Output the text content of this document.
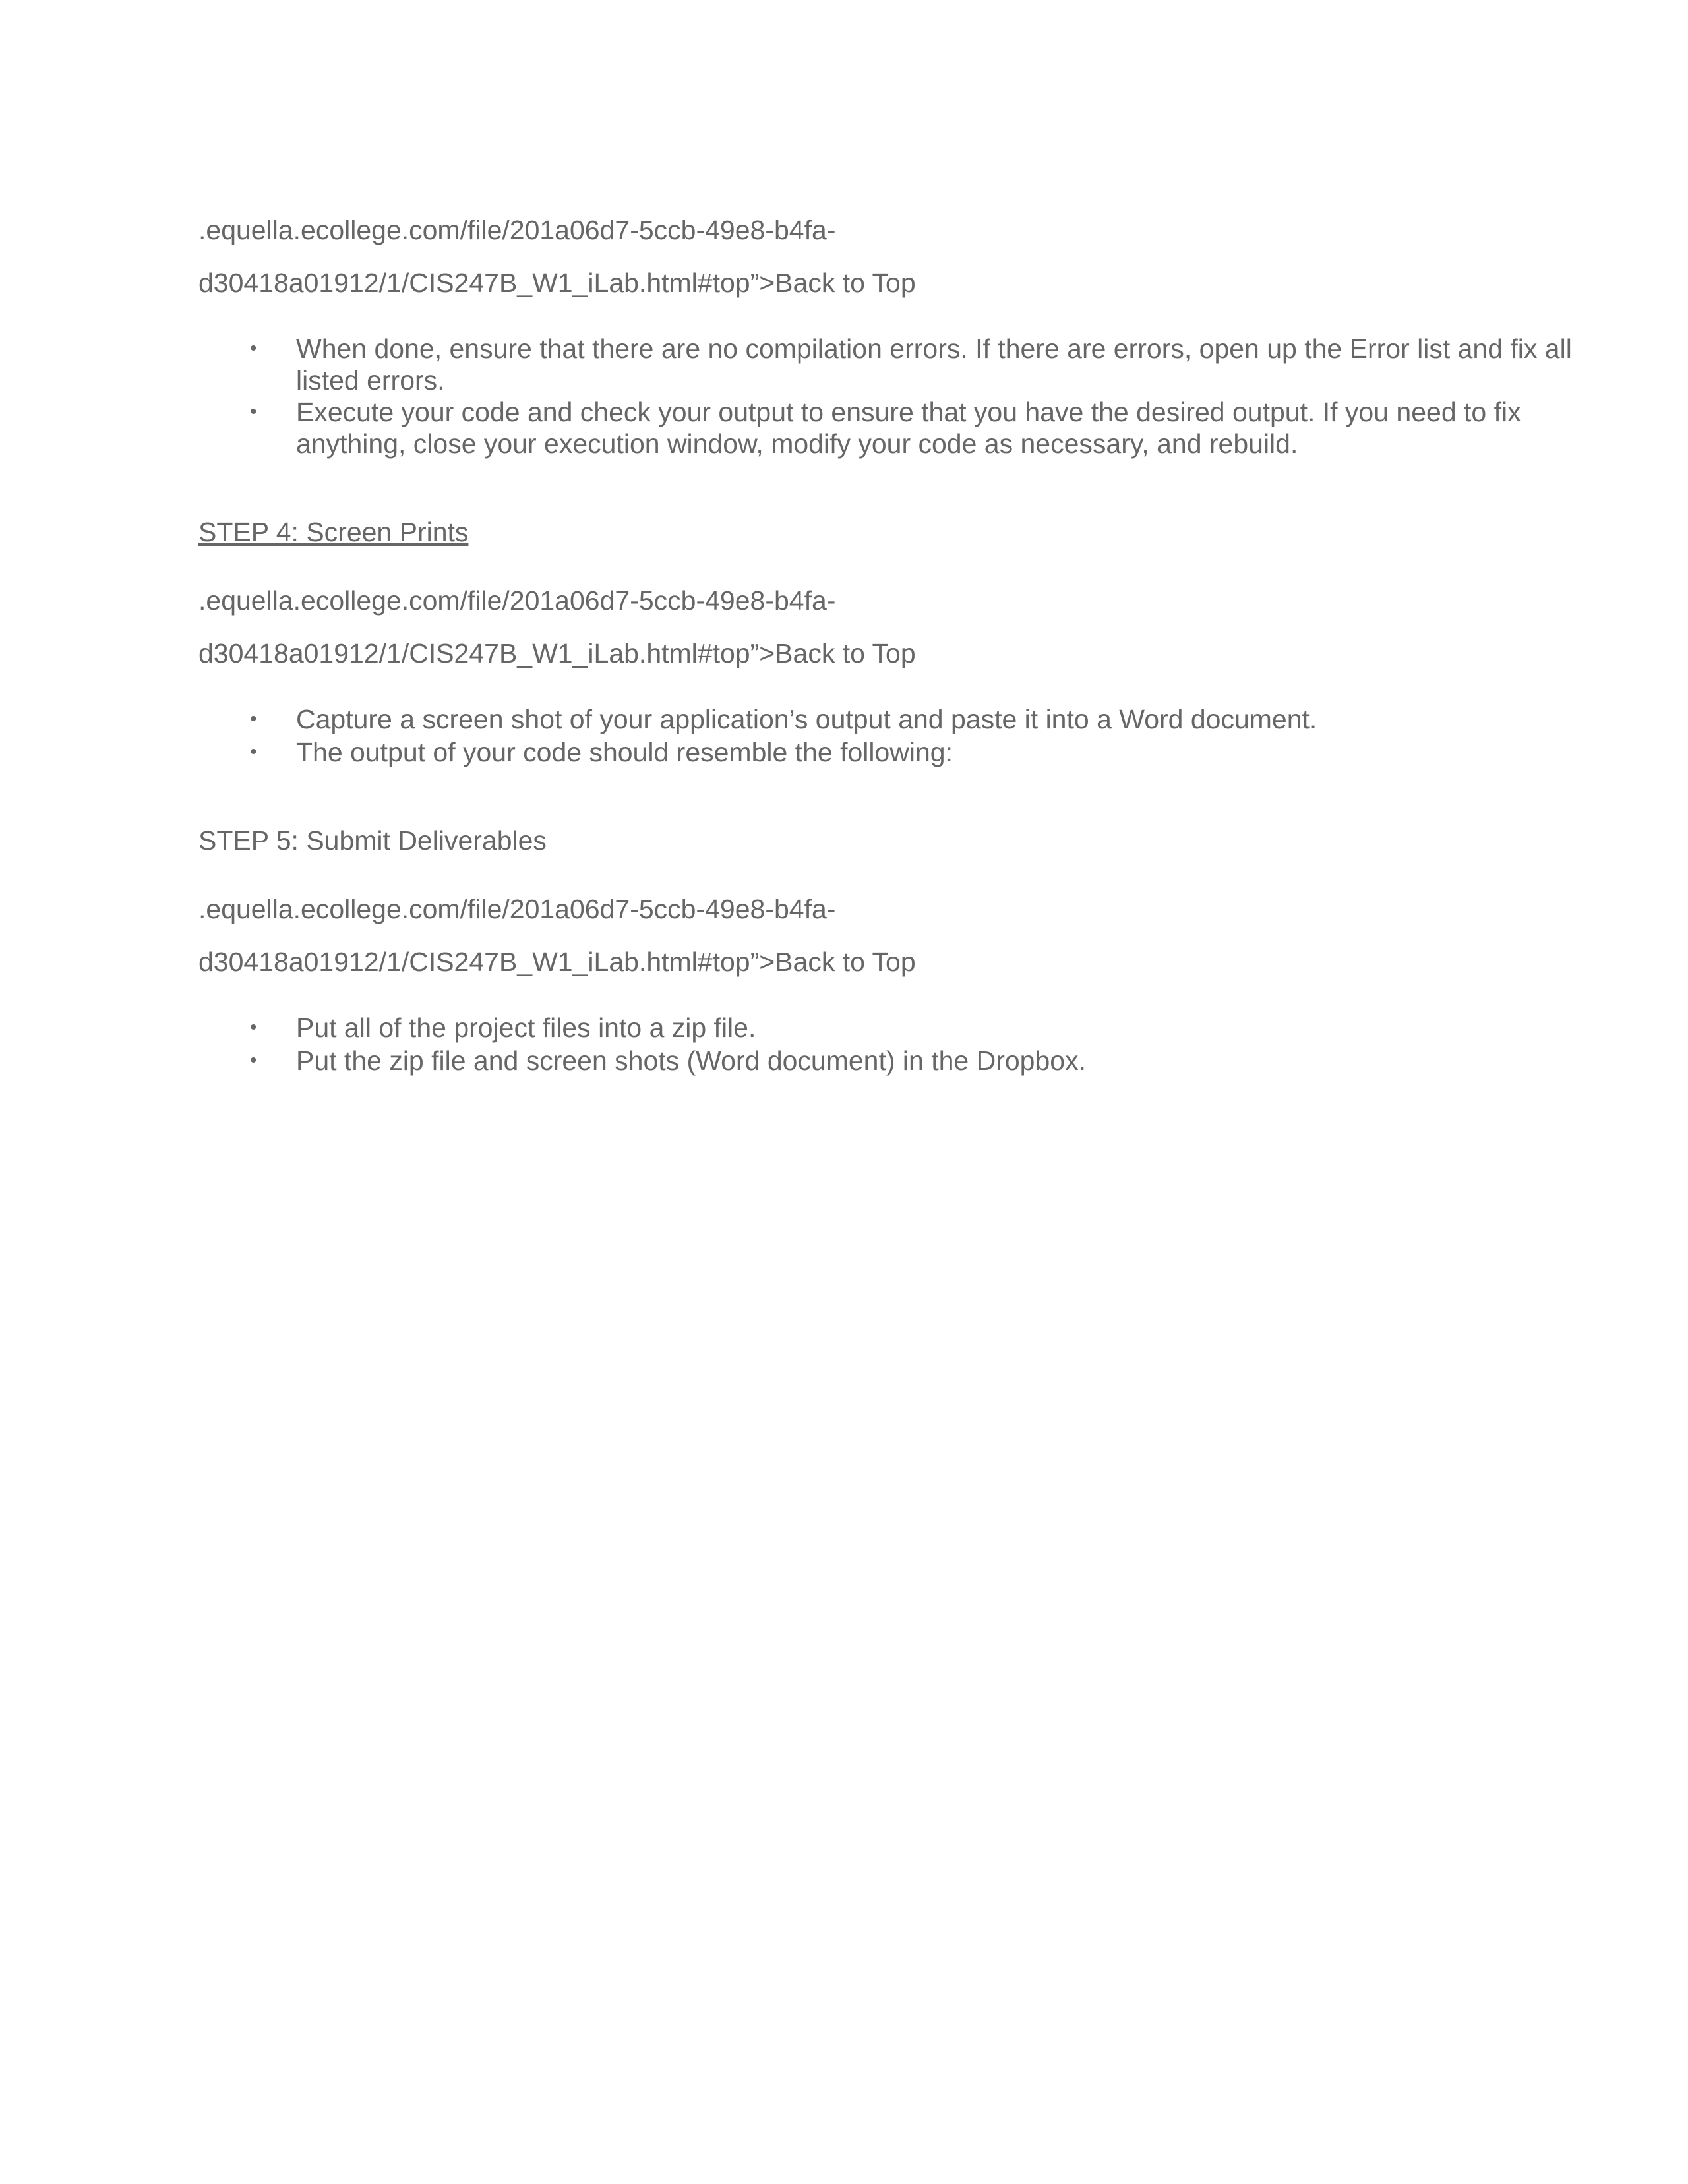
.equella.ecollege.com/file/201a06d7-5ccb-49e8-b4fa-
d30418a01912/1/CIS247B_W1_iLab.html#top”>Back to Top
• When done, ensure that there are no compilation errors. If there are errors, open up the Error list and fix all listed errors.
• Execute your code and check your output to ensure that you have the desired output. If you need to fix anything, close your execution window, modify your code as necessary, and rebuild.
STEP 4: Screen Prints
.equella.ecollege.com/file/201a06d7-5ccb-49e8-b4fa-
d30418a01912/1/CIS247B_W1_iLab.html#top”>Back to Top
• Capture a screen shot of your application’s output and paste it into a Word document.
• The output of your code should resemble the following:
STEP 5: Submit Deliverables
.equella.ecollege.com/file/201a06d7-5ccb-49e8-b4fa-
d30418a01912/1/CIS247B_W1_iLab.html#top”>Back to Top
• Put all of the project files into a zip file.
• Put the zip file and screen shots (Word document) in the Dropbox.
